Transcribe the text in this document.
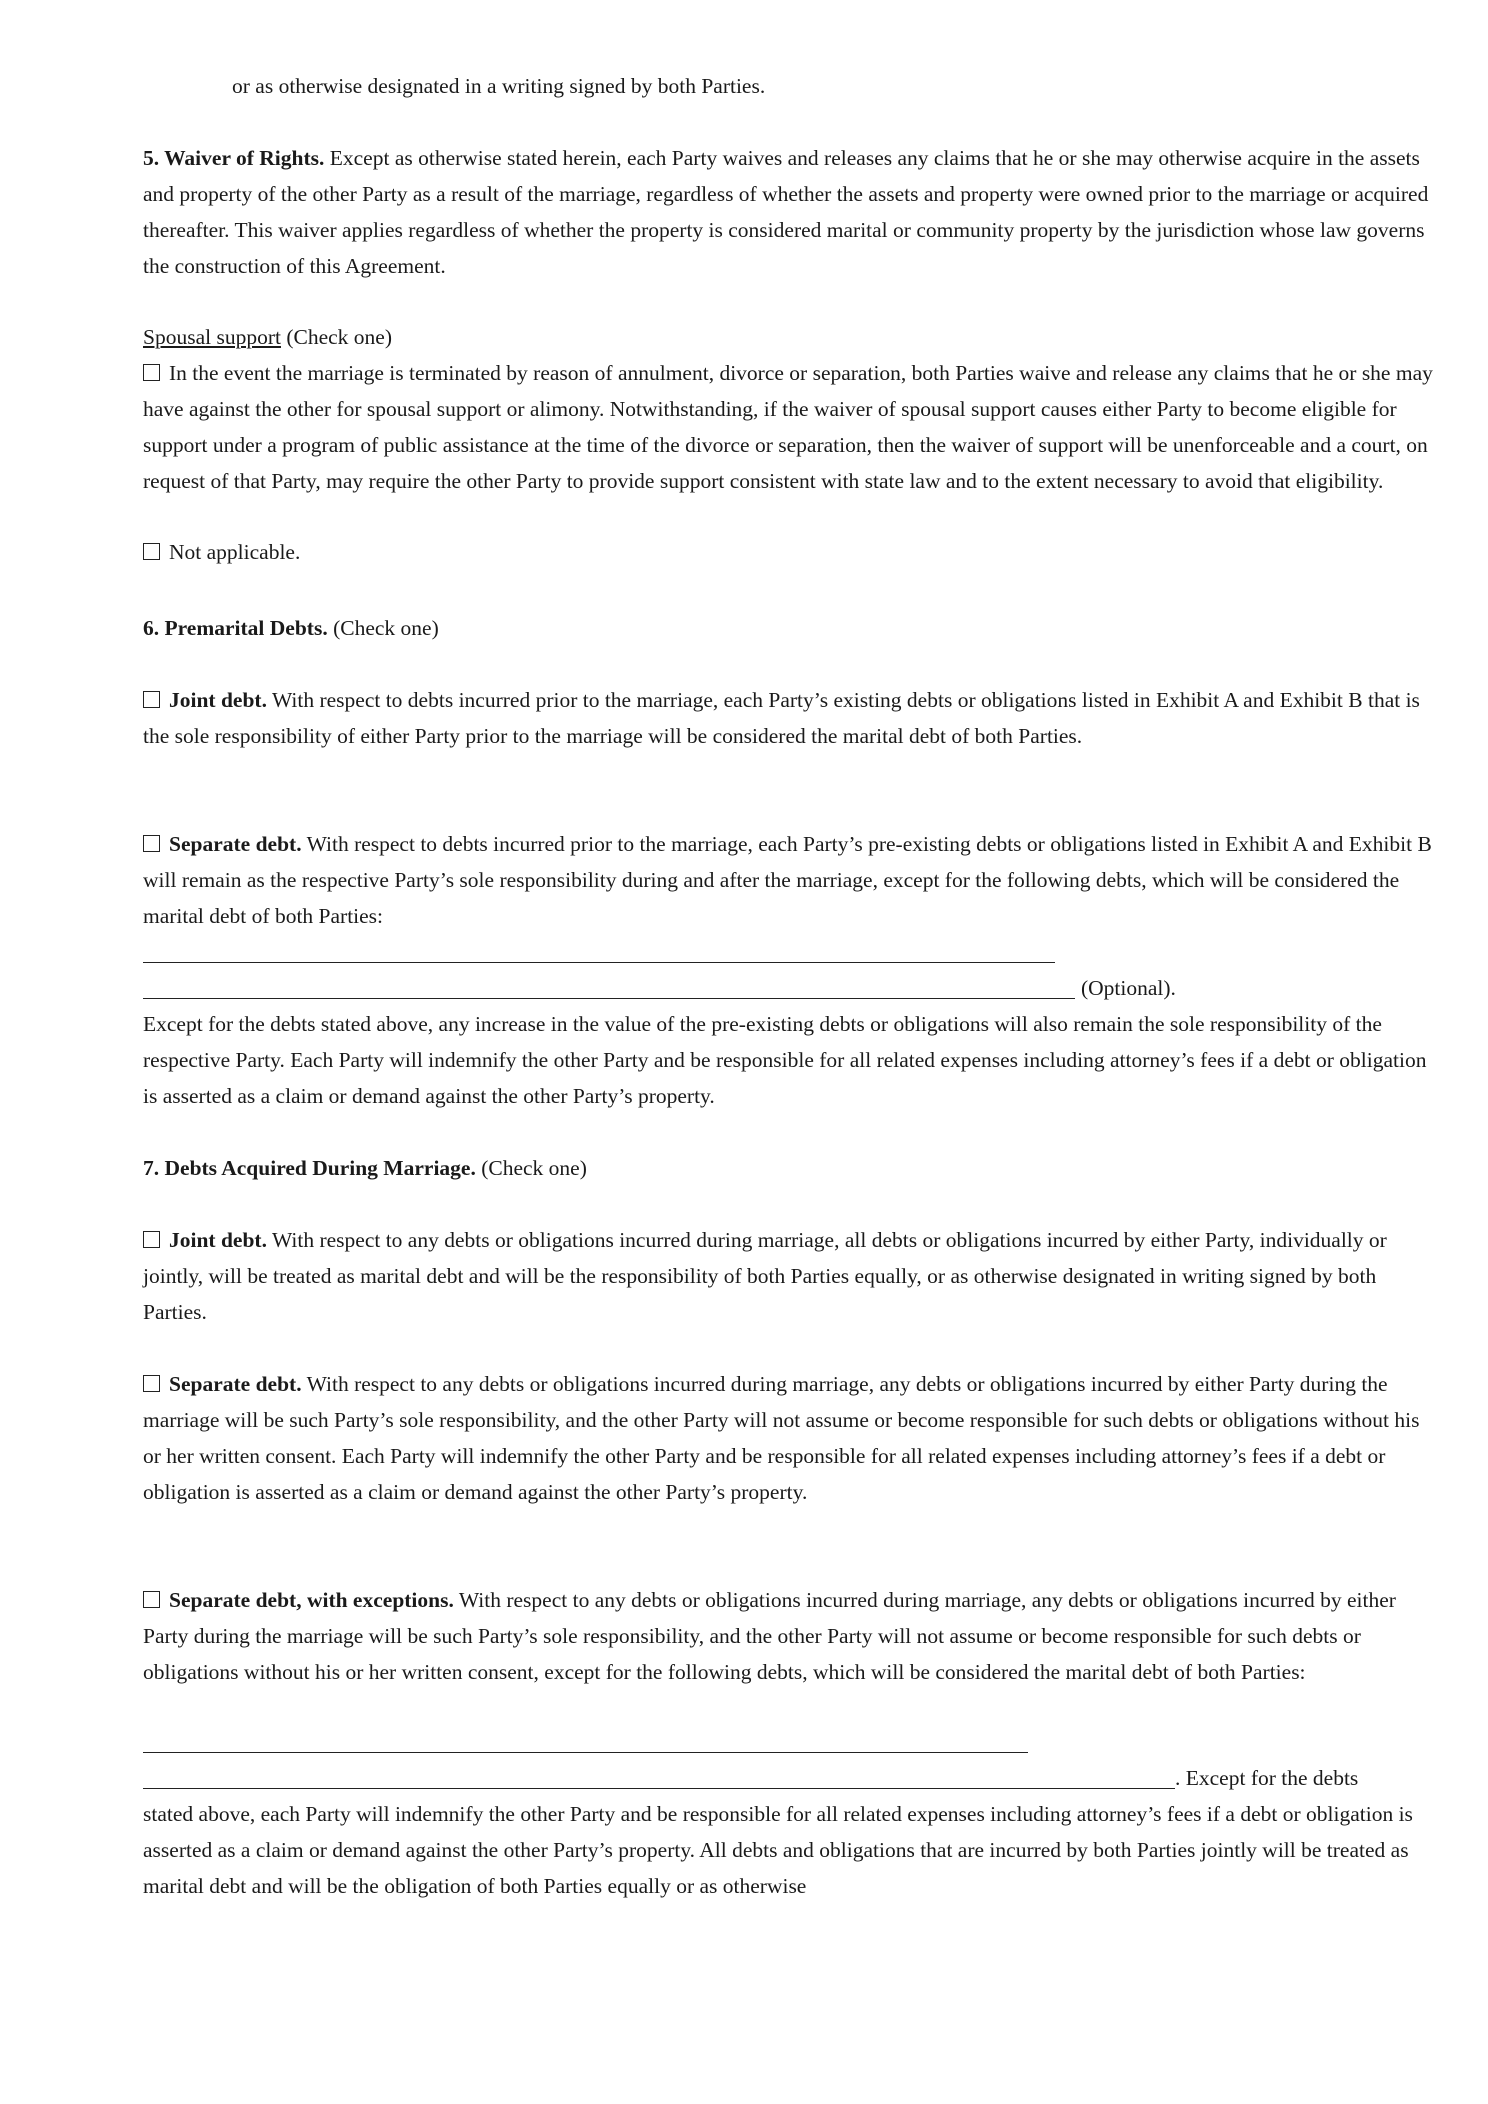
or as otherwise designated in a writing signed by both Parties.

5. Waiver of Rights. Except as otherwise stated herein, each Party waives and releases any claims that he or she may otherwise acquire in the assets and property of the other Party as a result of the marriage, regardless of whether the assets and property were owned prior to the marriage or acquired thereafter. This waiver applies regardless of whether the property is considered marital or community property by the jurisdiction whose law governs the construction of this Agreement.

Spousal support (Check one)

In the event the marriage is terminated by reason of annulment, divorce or separation, both Parties waive and release any claims that he or she may have against the other for spousal support or alimony. Notwithstanding, if the waiver of spousal support causes either Party to become eligible for support under a program of public assistance at the time of the divorce or separation, then the waiver of support will be unenforceable and a court, on request of that Party, may require the other Party to provide support consistent with state law and to the extent necessary to avoid that eligibility.

Not applicable.

6. Premarital Debts. (Check one)

Joint debt. With respect to debts incurred prior to the marriage, each Party’s existing debts or obligations listed in Exhibit A and Exhibit B that is the sole responsibility of either Party prior to the marriage will be considered the marital debt of both Parties.

Separate debt. With respect to debts incurred prior to the marriage, each Party’s pre-existing debts or obligations listed in Exhibit A and Exhibit B will remain as the respective Party’s sole responsibility during and after the marriage, except for the following debts, which will be considered the marital debt of both Parties:

(Optional).

Except for the debts stated above, any increase in the value of the pre-existing debts or obligations will also remain the sole responsibility of the respective Party. Each Party will indemnify the other Party and be responsible for all related expenses including attorney’s fees if a debt or obligation is asserted as a claim or demand against the other Party’s property.

7. Debts Acquired During Marriage. (Check one)

Joint debt. With respect to any debts or obligations incurred during marriage, all debts or obligations incurred by either Party, individually or jointly, will be treated as marital debt and will be the responsibility of both Parties equally, or as otherwise designated in writing signed by both Parties.

Separate debt. With respect to any debts or obligations incurred during marriage, any debts or obligations incurred by either Party during the marriage will be such Party’s sole responsibility, and the other Party will not assume or become responsible for such debts or obligations without his or her written consent. Each Party will indemnify the other Party and be responsible for all related expenses including attorney’s fees if a debt or obligation is asserted as a claim or demand against the other Party’s property.

Separate debt, with exceptions. With respect to any debts or obligations incurred during marriage, any debts or obligations incurred by either Party during the marriage will be such Party’s sole responsibility, and the other Party will not assume or become responsible for such debts or obligations without his or her written consent, except for the following debts, which will be considered the marital debt of both Parties:

. Except for the debts

stated above, each Party will indemnify the other Party and be responsible for all related expenses including attorney’s fees if a debt or obligation is asserted as a claim or demand against the other Party’s property. All debts and obligations that are incurred by both Parties jointly will be treated as marital debt and will be the obligation of both Parties equally or as otherwise
